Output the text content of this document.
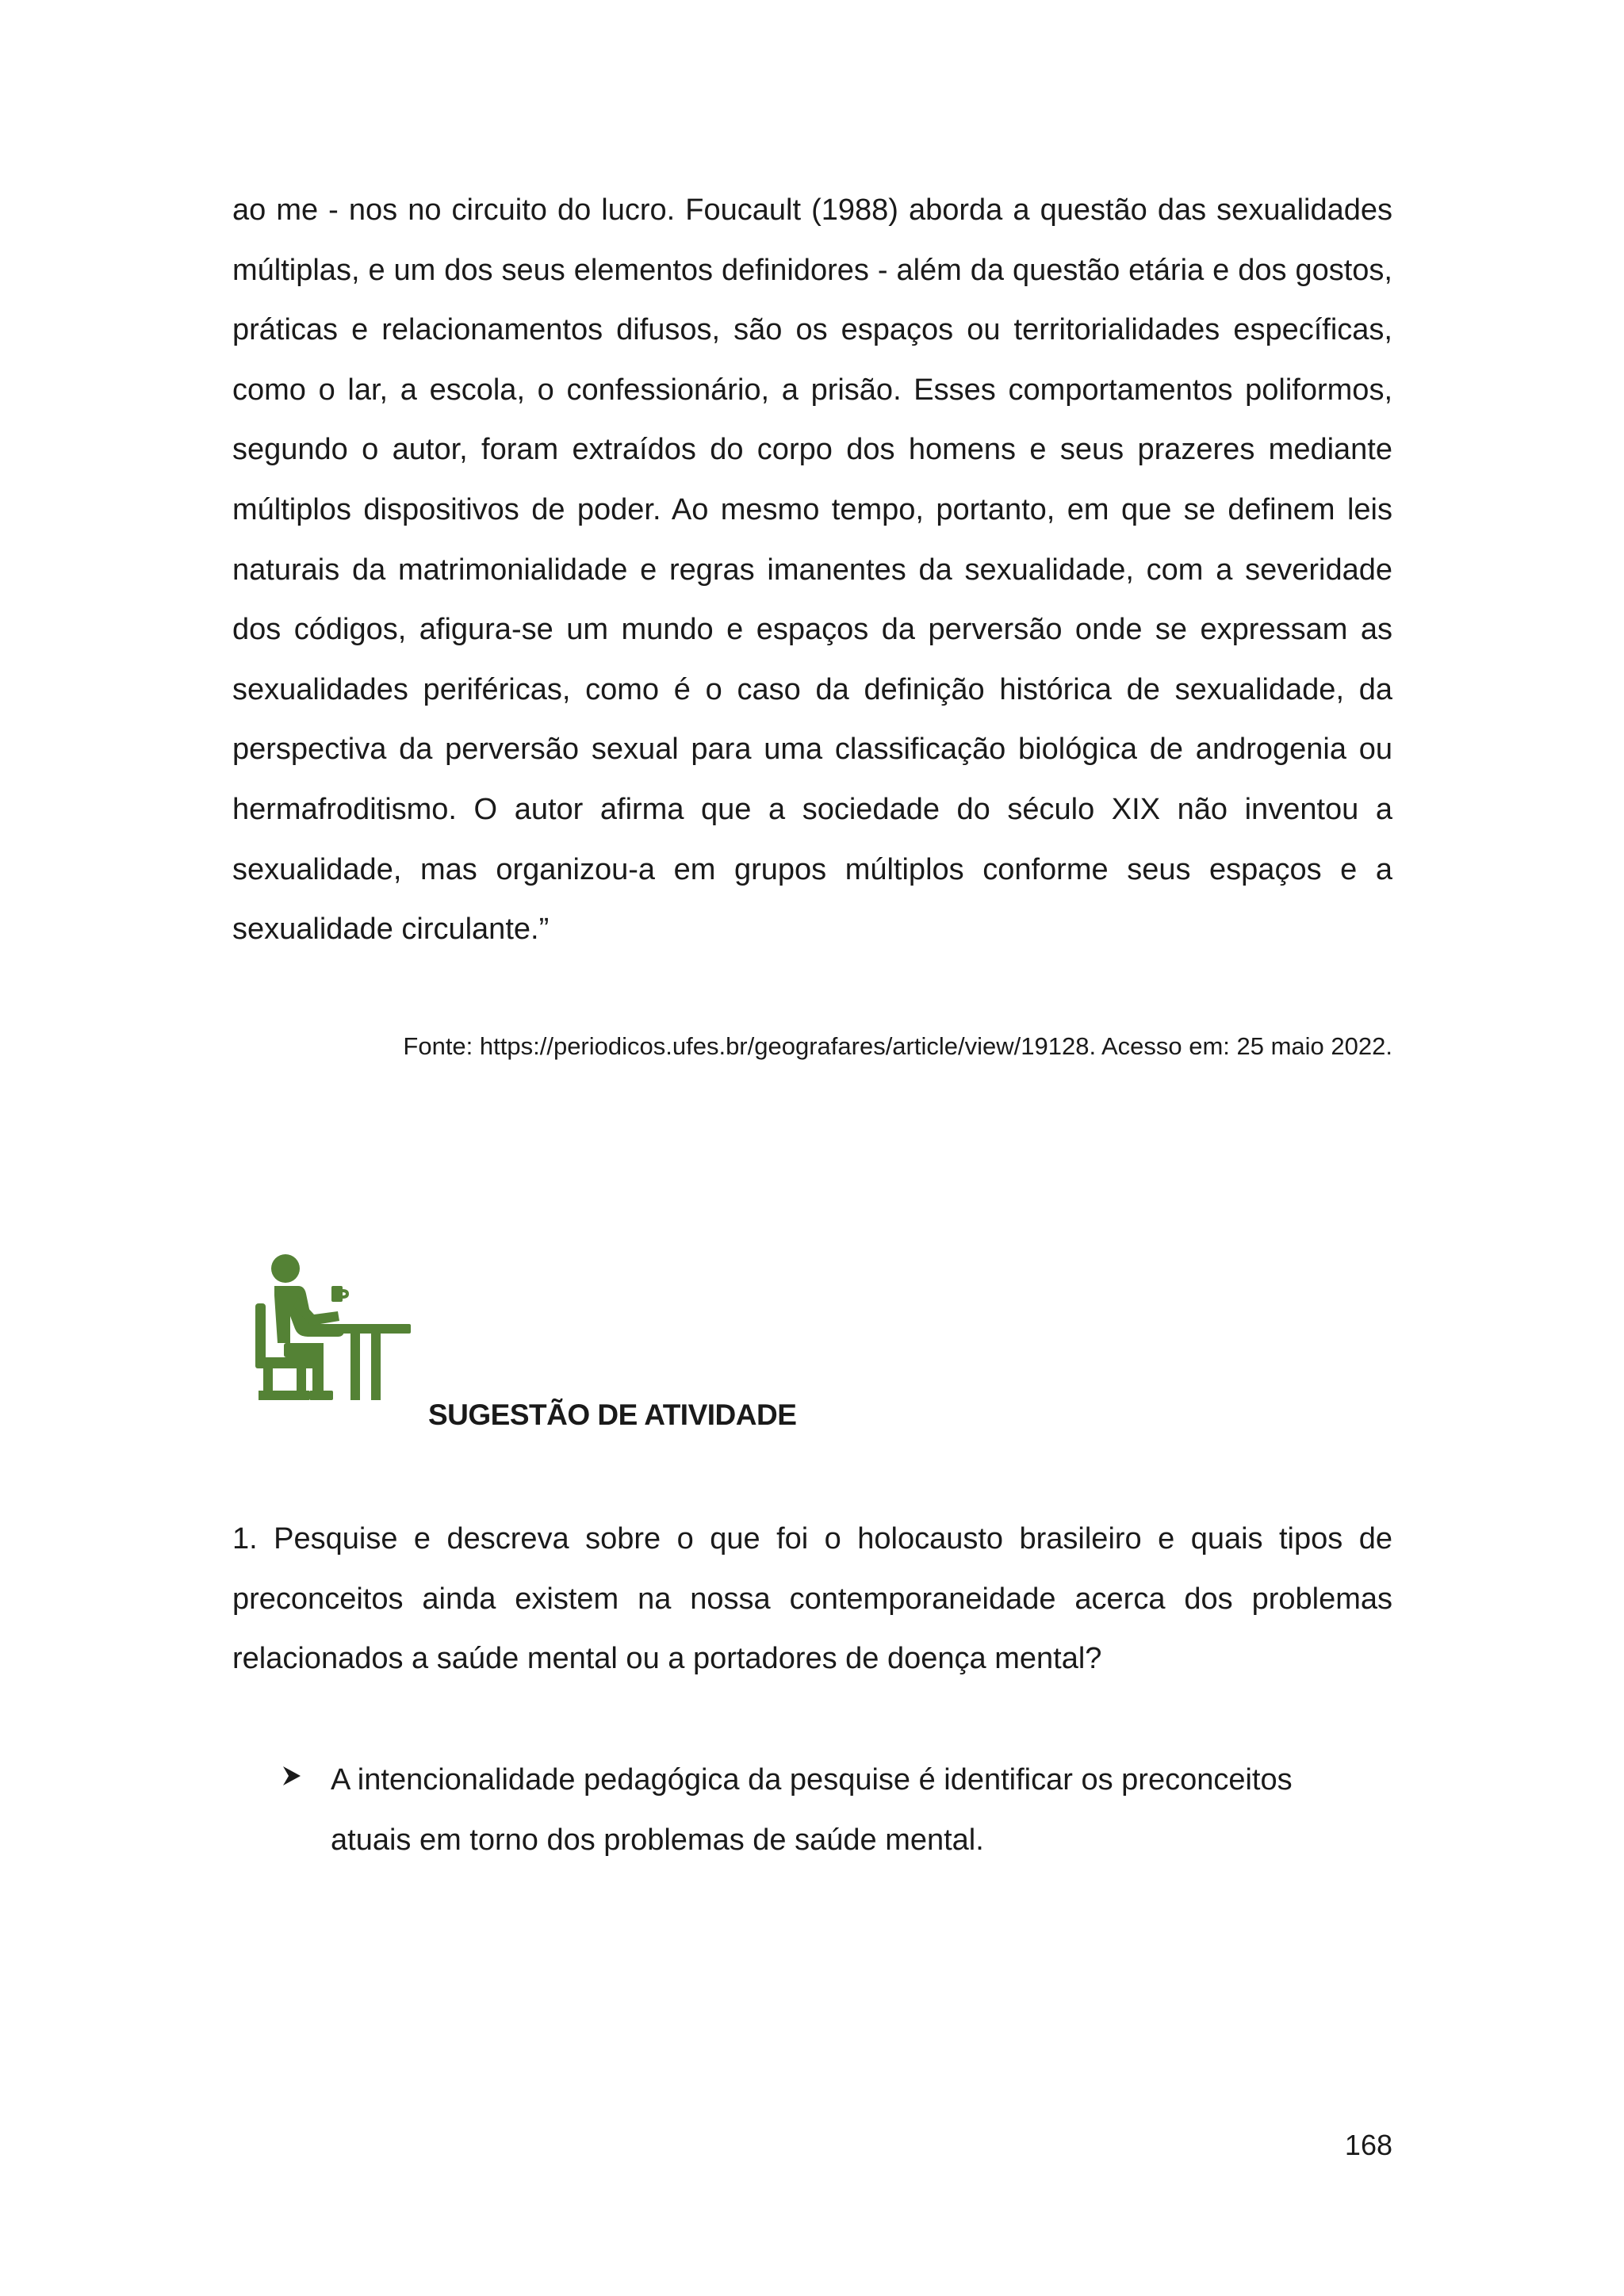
ao me - nos no circuito do lucro. Foucault (1988) aborda a questão das sexualidades múltiplas, e um dos seus elementos definidores - além da questão etária e dos gostos, práticas e relacionamentos difusos, são os espaços ou territorialidades específicas, como o lar, a escola, o confessionário, a prisão. Esses comportamentos poliformos, segundo o autor, foram extraídos do corpo dos homens e seus prazeres mediante múltiplos dispositivos de poder. Ao mesmo tempo, portanto, em que se definem leis naturais da matrimonialidade e regras imanentes da sexualidade, com a severidade dos códigos, afigura-se um mundo e espaços da perversão onde se expressam as sexualidades periféricas, como é o caso da definição histórica de sexualidade, da perspectiva da perversão sexual para uma classificação biológica de androgenia ou hermafroditismo. O autor afirma que a sociedade do século XIX não inventou a sexualidade, mas organizou-a em grupos múltiplos conforme seus espaços e a sexualidade circulante.”

Fonte: https://periodicos.ufes.br/geografares/article/view/19128. Acesso em: 25 maio 2022.
SUGESTÃO DE ATIVIDADE

1. Pesquise e descreva sobre o que foi o holocausto brasileiro e quais tipos de preconceitos ainda existem na nossa contemporaneidade acerca dos problemas relacionados a saúde mental ou a portadores de doença mental?

A intencionalidade pedagógica da pesquise é identificar os preconceitos atuais em torno dos problemas de saúde mental.

168
